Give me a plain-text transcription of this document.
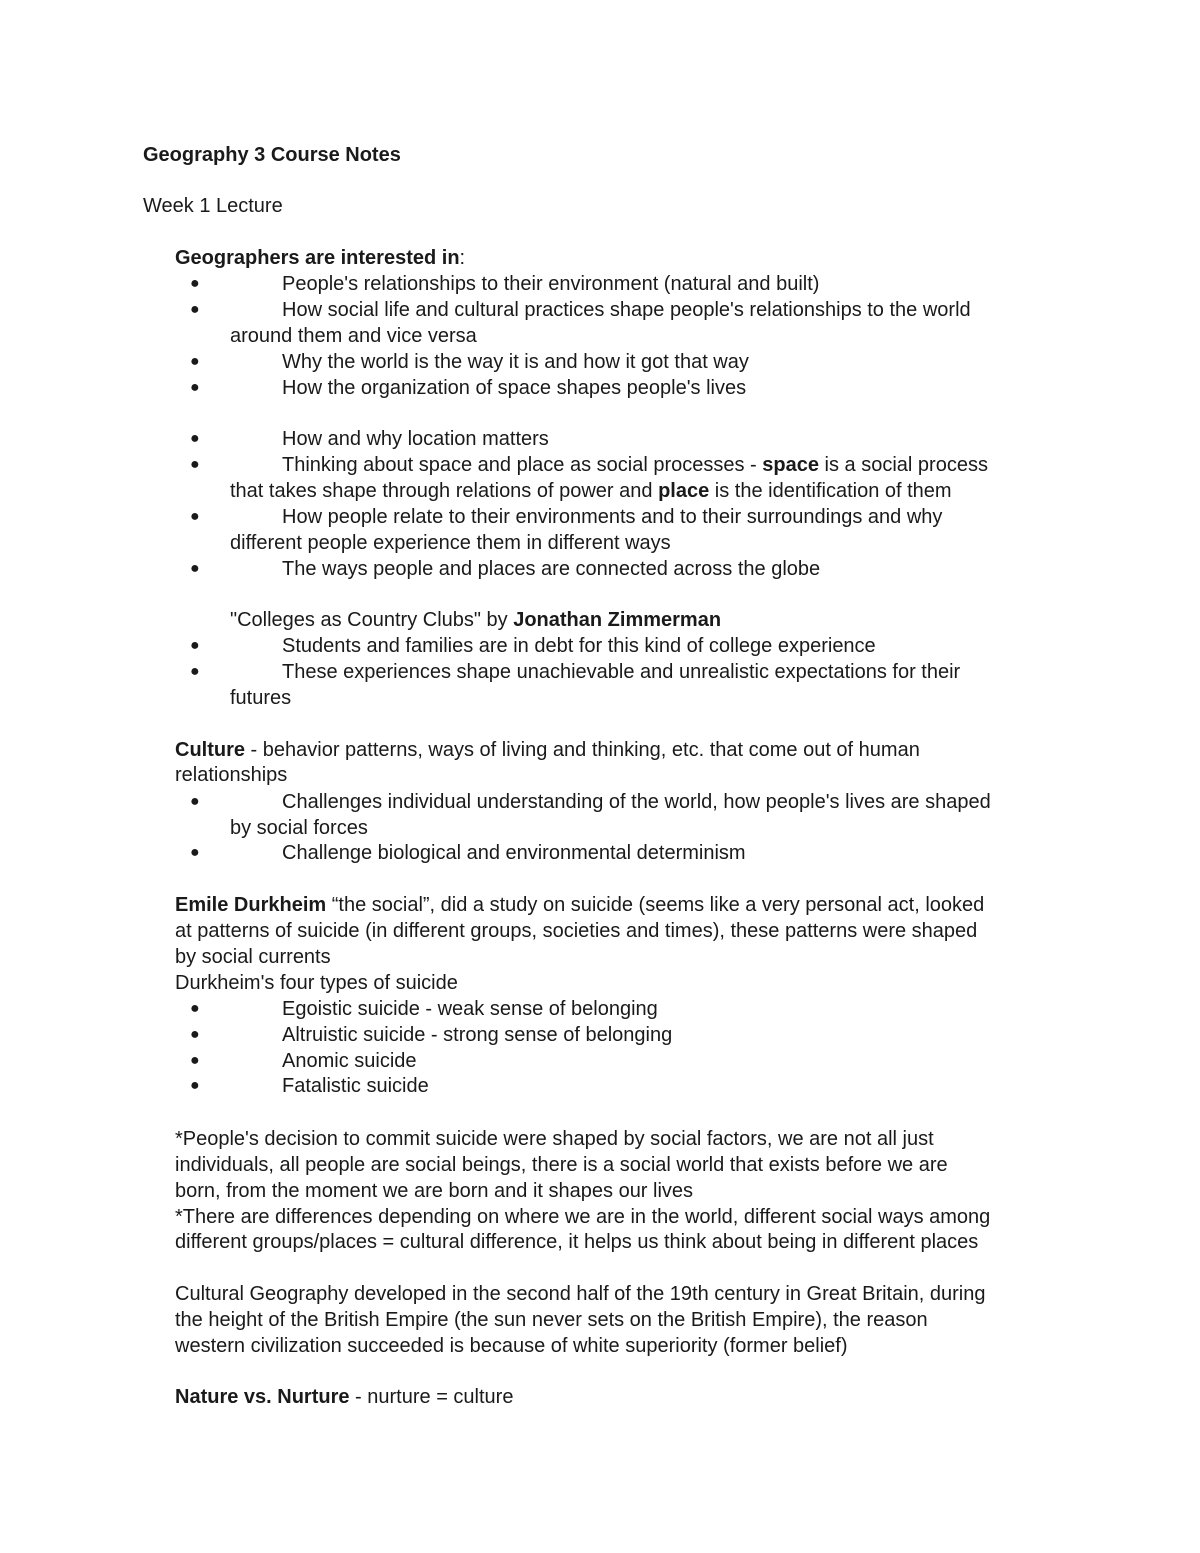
Geography 3 Course Notes
Week 1 Lecture
Geographers are interested in:
●	People's relationships to their environment (natural and built)
●	How social life and cultural practices shape people's relationships to the world
around them and vice versa
●	Why the world is the way it is and how it got that way
●	How the organization of space shapes people's lives
●	How and why location matters
●	Thinking about space and place as social processes - space is a social process
that takes shape through relations of power and place is the identification of them
●	How people relate to their environments and to their surroundings and why
different people experience them in different ways
●	The ways people and places are connected across the globe
"Colleges as Country Clubs" by Jonathan Zimmerman
●	Students and families are in debt for this kind of college experience
●	These experiences shape unachievable and unrealistic expectations for their
futures
Culture - behavior patterns, ways of living and thinking, etc. that come out of human
relationships
●	Challenges individual understanding of the world, how people's lives are shaped
by social forces
●	Challenge biological and environmental determinism
Emile Durkheim “the social”, did a study on suicide (seems like a very personal act, looked
at patterns of suicide (in different groups, societies and times), these patterns were shaped
by social currents
Durkheim's four types of suicide
●	Egoistic suicide - weak sense of belonging
●	Altruistic suicide - strong sense of belonging
●	Anomic suicide
●	Fatalistic suicide
*People's decision to commit suicide were shaped by social factors, we are not all just
individuals, all people are social beings, there is a social world that exists before we are
born, from the moment we are born and it shapes our lives
*There are differences depending on where we are in the world, different social ways among
different groups/places = cultural difference, it helps us think about being in different places
Cultural Geography developed in the second half of the 19th century in Great Britain, during
the height of the British Empire (the sun never sets on the British Empire), the reason
western civilization succeeded is because of white superiority (former belief)
Nature vs. Nurture - nurture = culture
